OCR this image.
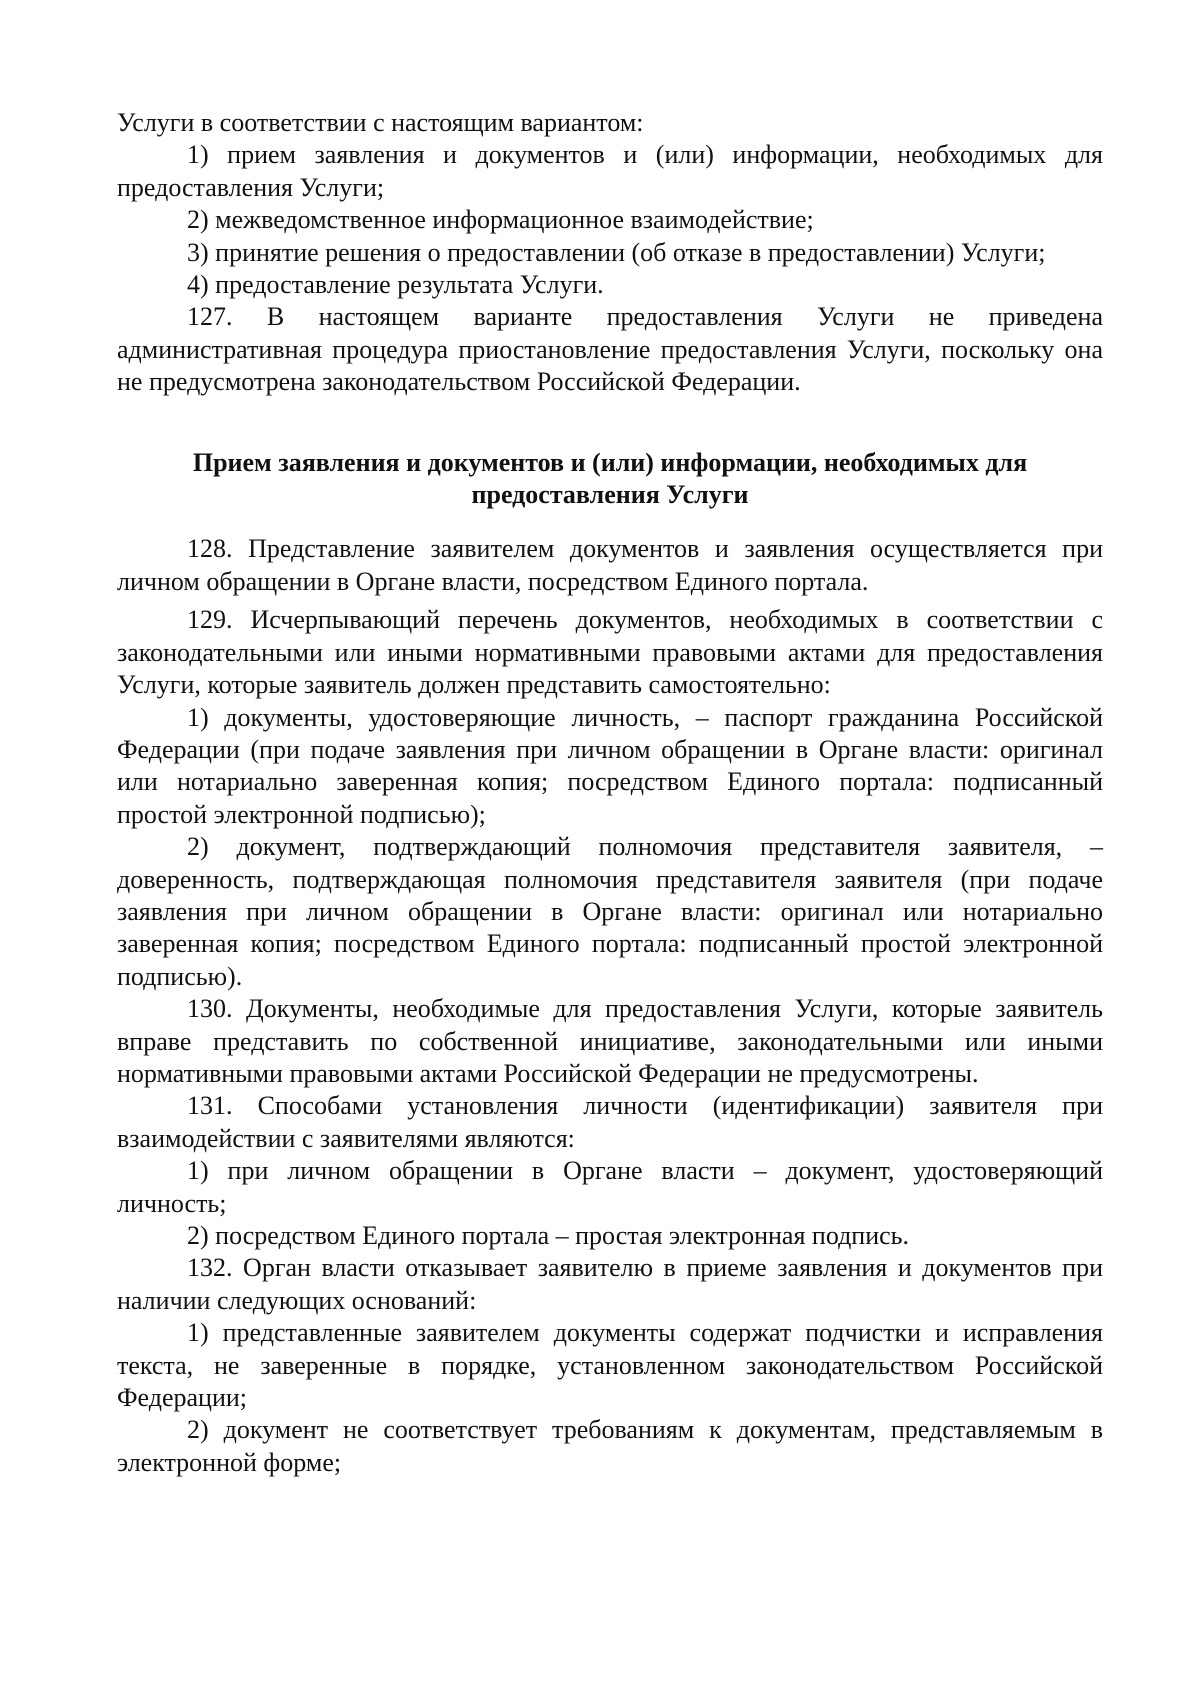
Услуги в соответствии с настоящим вариантом:

1) прием заявления и документов и (или) информации, необходимых для предоставления Услуги;

2) межведомственное информационное взаимодействие;

3) принятие решения о предоставлении (об отказе в предоставлении) Услуги;

4) предоставление результата Услуги.

127. В настоящем варианте предоставления Услуги не приведена административная процедура приостановление предоставления Услуги, поскольку она не предусмотрена законодательством Российской Федерации.

Прием заявления и документов и (или) информации, необходимых для предоставления Услуги

128. Представление заявителем документов и заявления осуществляется при личном обращении в Органе власти, посредством Единого портала.

129. Исчерпывающий перечень документов, необходимых в соответствии с законодательными или иными нормативными правовыми актами для предоставления Услуги, которые заявитель должен представить самостоятельно:

1) документы, удостоверяющие личность, – паспорт гражданина Российской Федерации (при подаче заявления при личном обращении в Органе власти: оригинал или нотариально заверенная копия; посредством Единого портала: подписанный простой электронной подписью);

2) документ, подтверждающий полномочия представителя заявителя, – доверенность, подтверждающая полномочия представителя заявителя (при подаче заявления при личном обращении в Органе власти: оригинал или нотариально заверенная копия; посредством Единого портала: подписанный простой электронной подписью).

130. Документы, необходимые для предоставления Услуги, которые заявитель вправе представить по собственной инициативе, законодательными или иными нормативными правовыми актами Российской Федерации не предусмотрены.

131. Способами установления личности (идентификации) заявителя при взаимодействии с заявителями являются:

1) при личном обращении в Органе власти – документ, удостоверяющий личность;

2) посредством Единого портала – простая электронная подпись.

132. Орган власти отказывает заявителю в приеме заявления и документов при наличии следующих оснований:

1) представленные заявителем документы содержат подчистки и исправления текста, не заверенные в порядке, установленном законодательством Российской Федерации;

2) документ не соответствует требованиям к документам, представляемым в электронной форме;
